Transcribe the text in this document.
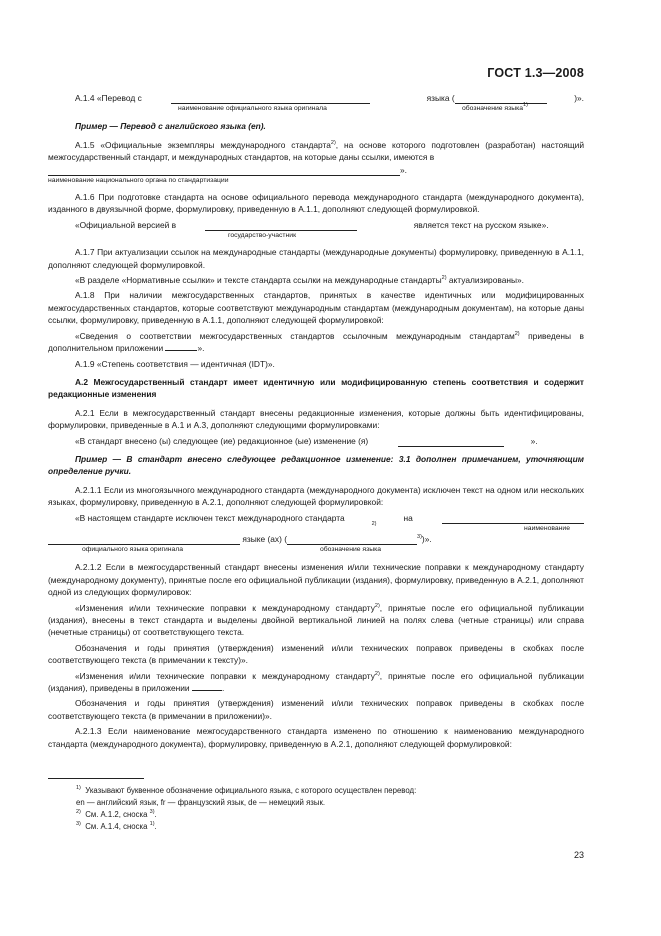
ГОСТ 1.3—2008
А.1.4 «Перевод с

	языка (	)».
наименование официального языка оригинала	обозначение языка$^{1)}$

Пример — Перевод с английского языка (en).

А.1.5 «Официальные экземпляры международного стандарта$^{2)}$, на основе которого подготовлен (разработан) настоящий межгосударственный стандарт, и международных стандартов, на которые даны ссылки, имеются в

».
наименование национального органа по стандартизации

А.1.6 При подготовке стандарта на основе официального перевода международного стандарта (международного документа), изданного в двуязычной форме, формулировку, приведенную в А.1.1, дополняют следующей формулировкой.

«Официальной версией в

	является текст на русском языке».
государство-участник

А.1.7 При актуализации ссылок на международные стандарты (международные документы) формулировку, приведенную в А.1.1, дополняют следующей формулировкой.

«В разделе «Нормативные ссылки» и тексте стандарта ссылки на международные стандарты$^{2)}$ актуализированы».

А.1.8 При наличии межгосударственных стандартов, принятых в качестве идентичных или модифицированных межгосударственных стандартов, которые соответствуют международным стандартам (международным документам), на которые даны ссылки, формулировку, приведенную в А.1.1, дополняют следующей формулировкой:

«Сведения о соответствии межгосударственных стандартов ссылочным международным стандартам$^{2)}$ приведены в дополнительном приложении	».

А.1.9 «Степень соответствия — идентичная (IDT)».

А.2 Межгосударственный стандарт имеет идентичную или модифицированную степень соответствия и содержит редакционные изменения

А.2.1 Если в межгосударственный стандарт внесены редакционные изменения, которые должны быть идентифицированы, формулировки, приведенные в А.1 и А.3, дополняют следующими формулировками:

«В стандарт внесено (ы) следующее (ие) редакционное (ые) изменение (я)
	».

Пример — В стандарт внесено следующее редакционное изменение: 3.1 дополнен примечанием, уточняющим определение ручки.

А.2.1.1 Если из многоязычного международного стандарта (международного документа) исключен текст на одном или нескольких языках, формулировку, приведенную в А.2.1, дополняют следующей формулировкой:

«В настоящем стандарте исключен текст международного стандарта
2)
на

наименование

языке (ах) (	$^{3)}$)».
официального языка оригинала	обозначение языка

А.2.1.2 Если в межгосударственный стандарт внесены изменения и/или технические поправки к международному стандарту (международному документу), принятые после его официальной публикации (издания), формулировку, приведенную в А.2.1, дополняют одной из следующих формулировок:

«Изменения и/или технические поправки к международному стандарту$^{2)}$, принятые после его официальной публикации (издания), внесены в текст стандарта и выделены двойной вертикальной линией на полях слева (четные страницы) или справа (нечетные страницы) от соответствующего текста.

Обозначения и годы принятия (утверждения) изменений и/или технических поправок приведены в скобках после соответствующего текста (в примечании к тексту)».

«Изменения и/или технические поправки к международному стандарту$^{2)}$, принятые после его официальной публикации (издания), приведены в приложении	.

Обозначения и годы принятия (утверждения) изменений и/или технических поправок приведены в скобках после соответствующего текста (в примечании в приложении)».

А.2.1.3 Если наименование межгосударственного стандарта изменено по отношению к наименованию международного стандарта (международного документа), формулировку, приведенную в А.2.1, дополняют следующей формулировкой:

$^{1)}$ Указывают буквенное обозначение официального языка, с которого осуществлен перевод:
en — английский язык, fr — французский язык, de — немецкий язык.
$^{2)}$ См. А.1.2, сноска $^{3)}$.
$^{3)}$ См. А.1.4, сноска $^{1)}$.
23
